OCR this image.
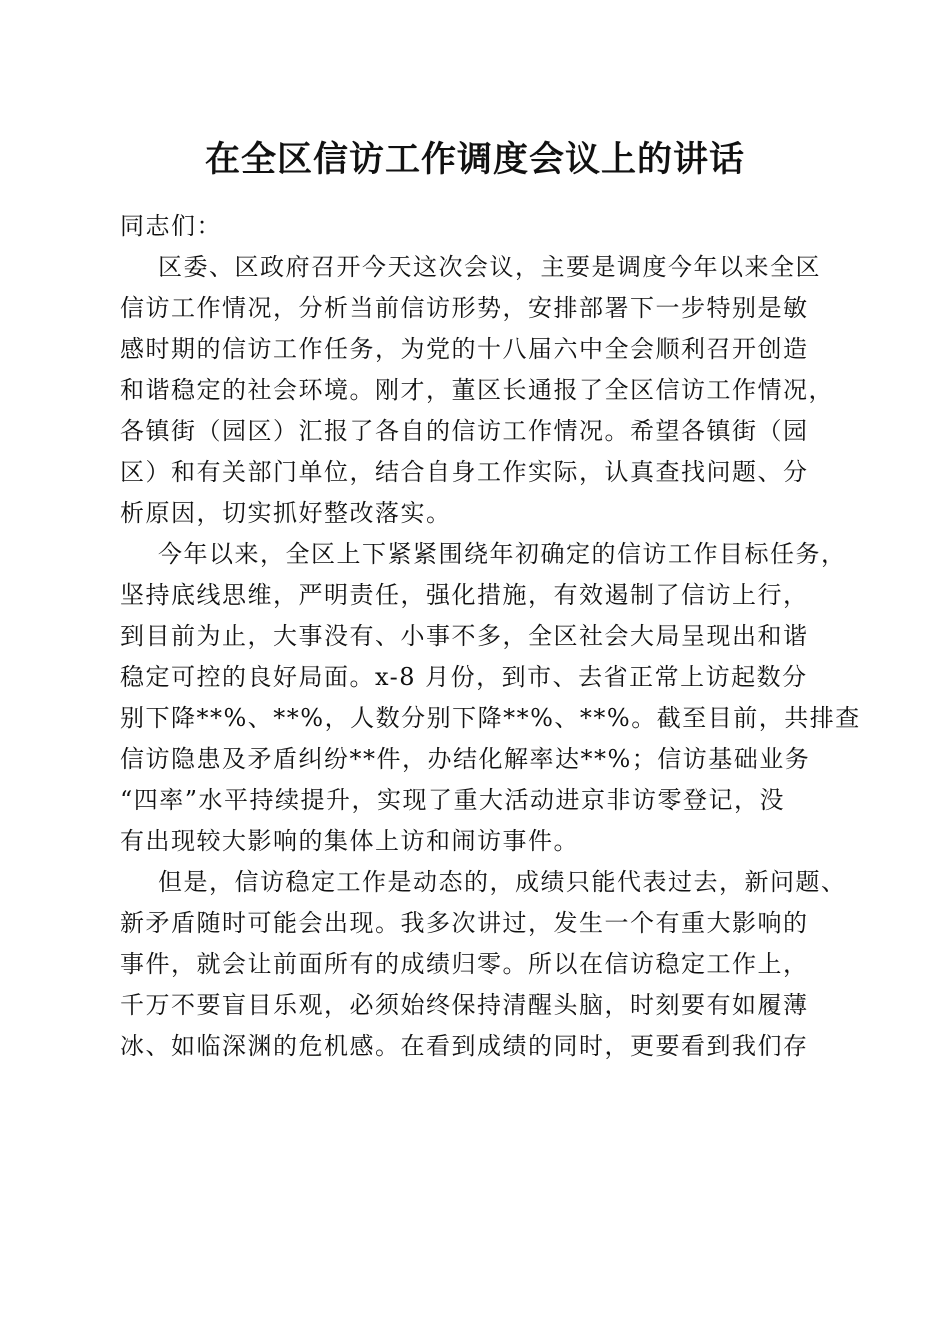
在全区信访工作调度会议上的讲话

同志们：

区委、区政府召开今天这次会议，主要是调度今年以来全区
信访工作情况，分析当前信访形势，安排部署下一步特别是敏
感时期的信访工作任务，为党的十八届六中全会顺利召开创造
和谐稳定的社会环境。刚才，董区长通报了全区信访工作情况，
各镇街（园区）汇报了各自的信访工作情况。希望各镇街（园
区）和有关部门单位，结合自身工作实际，认真查找问题、分
析原因，切实抓好整改落实。

今年以来，全区上下紧紧围绕年初确定的信访工作目标任务，
坚持底线思维，严明责任，强化措施，有效遏制了信访上行，
到目前为止，大事没有、小事不多，全区社会大局呈现出和谐
稳定可控的良好局面。x-8 月份，到市、去省正常上访起数分
别下降**%、**%，人数分别下降**%、**%。截至目前，共排查
信访隐患及矛盾纠纷**件，办结化解率达**%；信访基础业务
“四率”水平持续提升，实现了重大活动进京非访零登记，没
有出现较大影响的集体上访和闹访事件。

但是，信访稳定工作是动态的，成绩只能代表过去，新问题、
新矛盾随时可能会出现。我多次讲过，发生一个有重大影响的
事件，就会让前面所有的成绩归零。所以在信访稳定工作上，
千万不要盲目乐观，必须始终保持清醒头脑，时刻要有如履薄
冰、如临深渊的危机感。在看到成绩的同时，更要看到我们存
